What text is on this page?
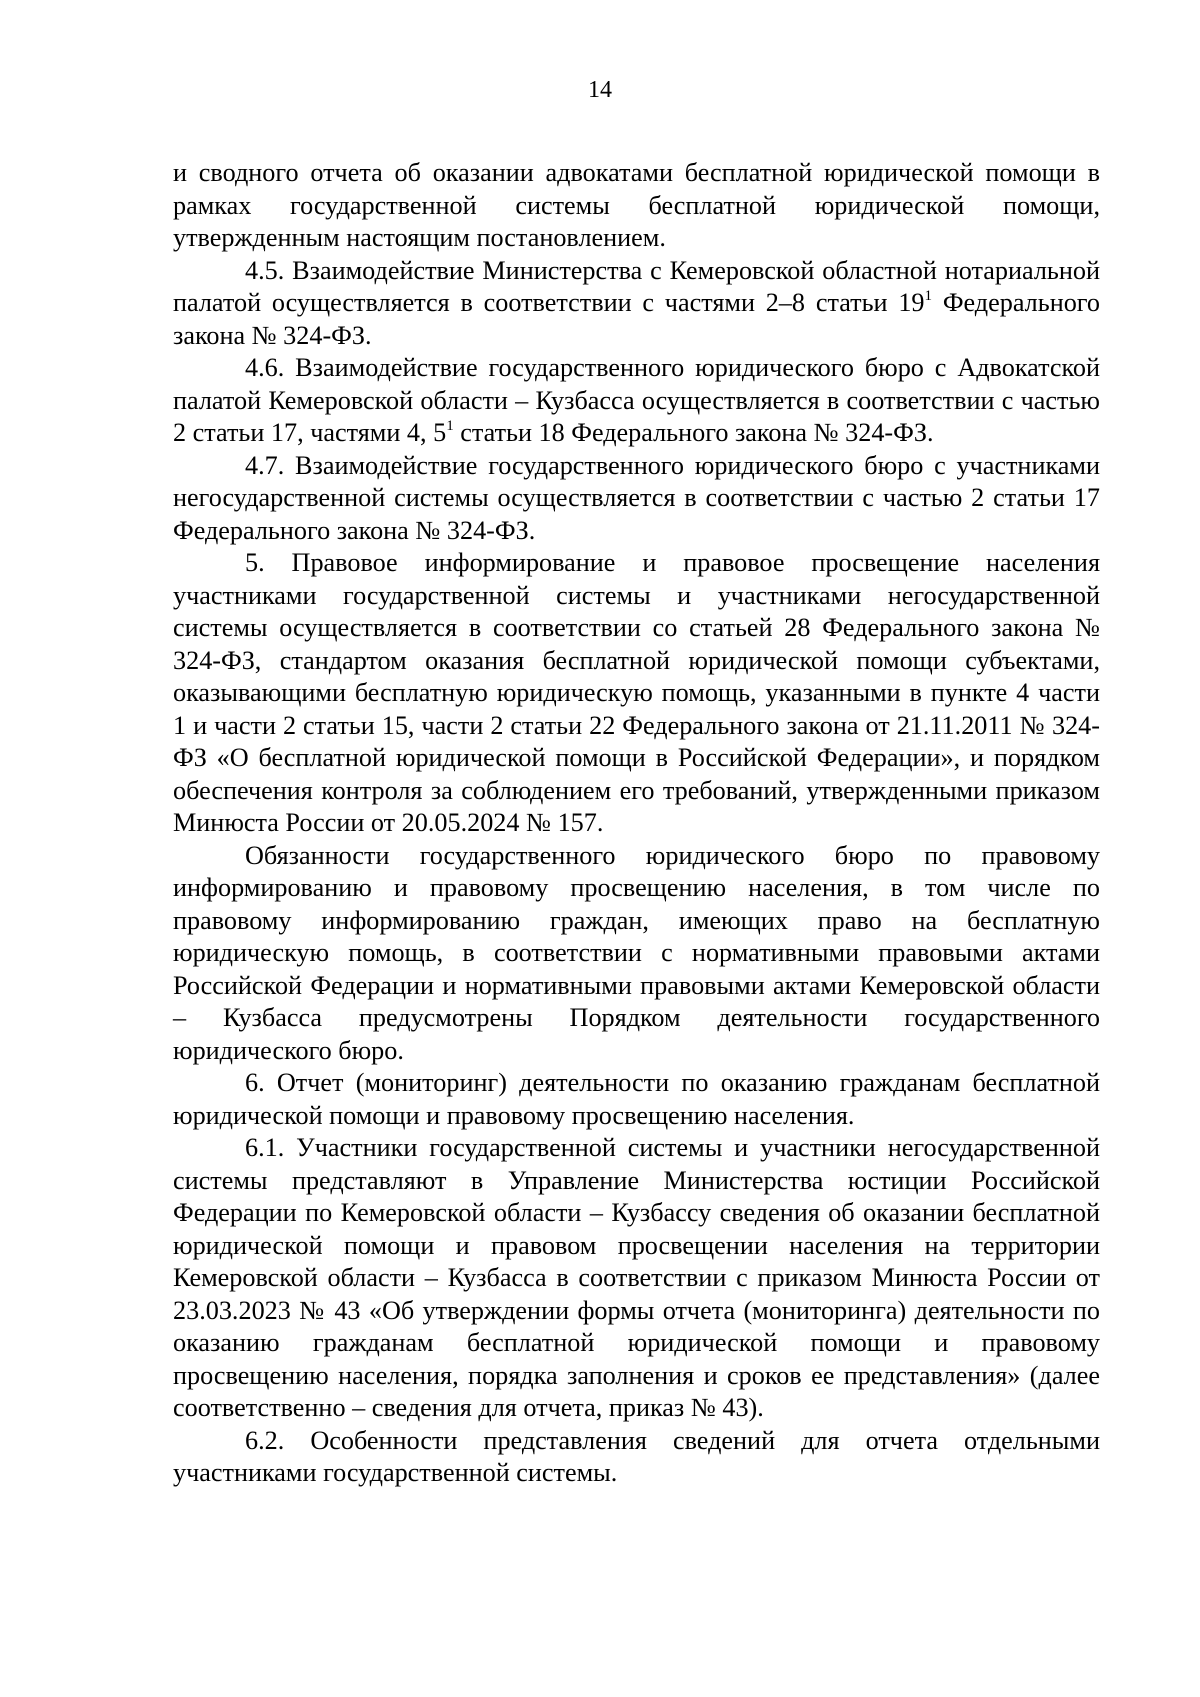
14

и сводного отчета об оказании адвокатами бесплатной юридической помощи в рамках государственной системы бесплатной юридической помощи, утвержденным настоящим постановлением.

4.5. Взаимодействие Министерства с Кемеровской областной нотариальной палатой осуществляется в соответствии с частями 2–8 статьи $19^1$ Федерального закона № 324-ФЗ.

4.6. Взаимодействие государственного юридического бюро с Адвокатской палатой Кемеровской области – Кузбасса осуществляется в соответствии с частью 2 статьи 17, частями 4, $5^1$ статьи 18 Федерального закона № 324-ФЗ.

4.7. Взаимодействие государственного юридического бюро с участниками негосударственной системы осуществляется в соответствии с частью 2 статьи 17 Федерального закона № 324-ФЗ.

5. Правовое информирование и правовое просвещение населения участниками государственной системы и участниками негосударственной системы осуществляется в соответствии со статьей 28 Федерального закона № 324-ФЗ, стандартом оказания бесплатной юридической помощи субъектами, оказывающими бесплатную юридическую помощь, указанными в пункте 4 части 1 и части 2 статьи 15, части 2 статьи 22 Федерального закона от 21.11.2011 № 324-ФЗ «О бесплатной юридической помощи в Российской Федерации», и порядком обеспечения контроля за соблюдением его требований, утвержденными приказом Минюста России от 20.05.2024 № 157.

Обязанности государственного юридического бюро по правовому информированию и правовому просвещению населения, в том числе по правовому информированию граждан, имеющих право на бесплатную юридическую помощь, в соответствии с нормативными правовыми актами Российской Федерации и нормативными правовыми актами Кемеровской области – Кузбасса предусмотрены Порядком деятельности государственного юридического бюро.

6. Отчет (мониторинг) деятельности по оказанию гражданам бесплатной юридической помощи и правовому просвещению населения.

6.1. Участники государственной системы и участники негосударственной системы представляют в Управление Министерства юстиции Российской Федерации по Кемеровской области – Кузбассу сведения об оказании бесплатной юридической помощи и правовом просвещении населения на территории Кемеровской области – Кузбасса в соответствии с приказом Минюста России от 23.03.2023 № 43 «Об утверждении формы отчета (мониторинга) деятельности по оказанию гражданам бесплатной юридической помощи и правовому просвещению населения, порядка заполнения и сроков ее представления» (далее соответственно – сведения для отчета, приказ № 43).

6.2. Особенности представления сведений для отчета отдельными участниками государственной системы.
